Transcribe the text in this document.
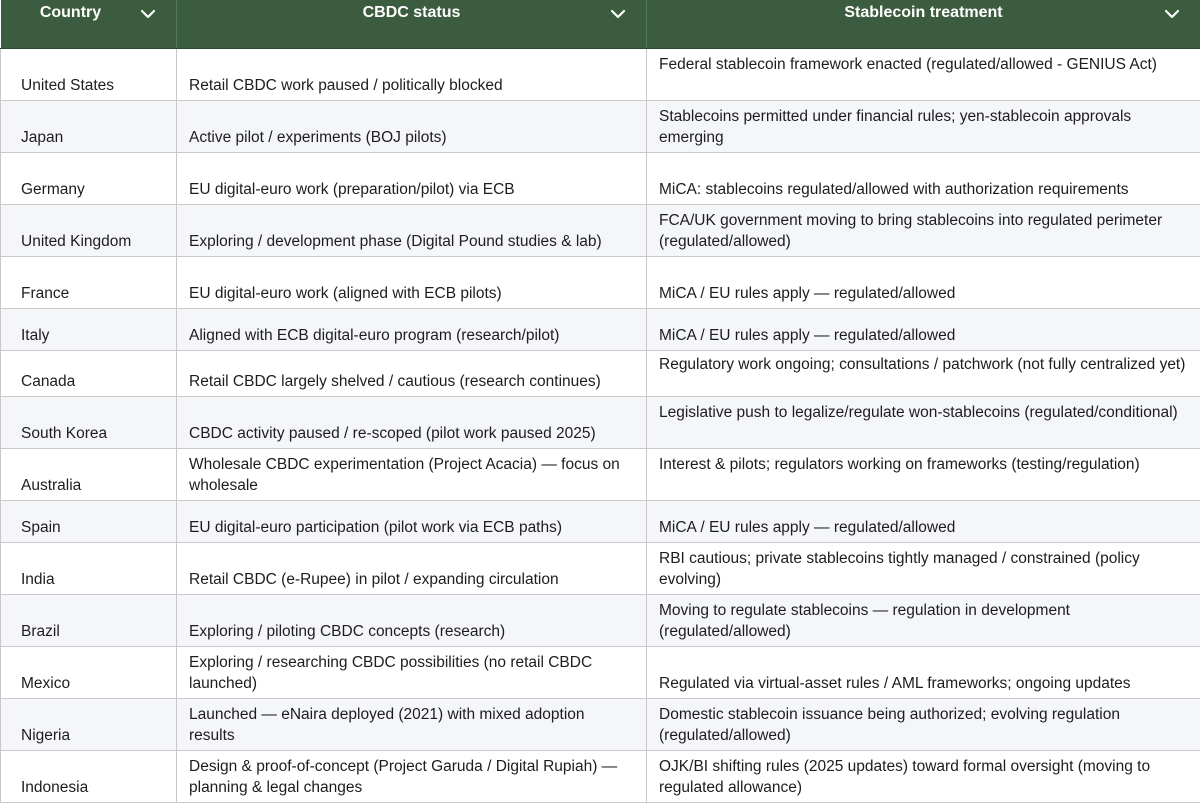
Country	CBDC status	Stablecoin treatment

United States	Retail CBDC work paused / politically blocked	Federal stablecoin framework enacted (regulated/allowed - GENIUS Act)
Japan	Active pilot / experiments (BOJ pilots)	Stablecoins permitted under financial rules; yen-stablecoin approvals emerging
Germany	EU digital-euro work (preparation/pilot) via ECB	MiCA: stablecoins regulated/allowed with authorization requirements
United Kingdom	Exploring / development phase (Digital Pound studies & lab)	FCA/UK government moving to bring stablecoins into regulated perimeter (regulated/allowed)
France	EU digital-euro work (aligned with ECB pilots)	MiCA / EU rules apply — regulated/allowed
Italy	Aligned with ECB digital-euro program (research/pilot)	MiCA / EU rules apply — regulated/allowed
Canada	Retail CBDC largely shelved / cautious (research continues)	Regulatory work ongoing; consultations / patchwork (not fully centralized yet)
South Korea	CBDC activity paused / re-scoped (pilot work paused 2025)	Legislative push to legalize/regulate won-stablecoins (regulated/conditional)
Australia	Wholesale CBDC experimentation (Project Acacia) — focus on wholesale	Interest & pilots; regulators working on frameworks (testing/regulation)
Spain	EU digital-euro participation (pilot work via ECB paths)	MiCA / EU rules apply — regulated/allowed
India	Retail CBDC (e-Rupee) in pilot / expanding circulation	RBI cautious; private stablecoins tightly managed / constrained (policy evolving)
Brazil	Exploring / piloting CBDC concepts (research)	Moving to regulate stablecoins — regulation in development (regulated/allowed)
Mexico	Exploring / researching CBDC possibilities (no retail CBDC launched)	Regulated via virtual-asset rules / AML frameworks; ongoing updates
Nigeria	Launched — eNaira deployed (2021) with mixed adoption results	Domestic stablecoin issuance being authorized; evolving regulation (regulated/allowed)
Indonesia	Design & proof-of-concept (Project Garuda / Digital Rupiah) — planning & legal changes	OJK/BI shifting rules (2025 updates) toward formal oversight (moving to regulated allowance)
